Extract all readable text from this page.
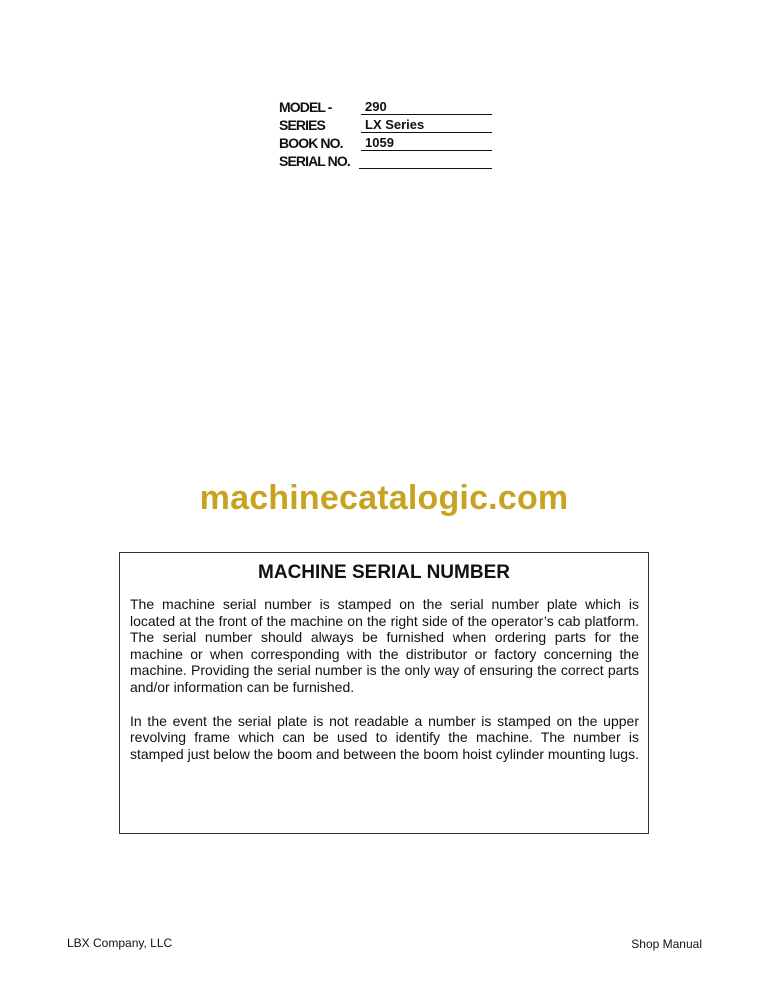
MODEL -	290
SERIES	LX Series
BOOK NO.	1059
SERIAL NO.
machinecatalogic.com
MACHINE SERIAL NUMBER

The machine serial number is stamped on the serial number plate which is located at the front of the machine on the right side of the operator’s cab platform. The serial number should always be furnished when ordering parts for the machine or when corresponding with the distributor or factory concerning the machine. Providing the serial number is the only way of ensuring the correct parts and/or information can be furnished.

In the event the serial plate is not readable a number is stamped on the upper revolving frame which can be used to identify the machine. The number is stamped just below the boom and between the boom hoist cylinder mounting lugs.

LBX Company, LLC	Shop Manual
